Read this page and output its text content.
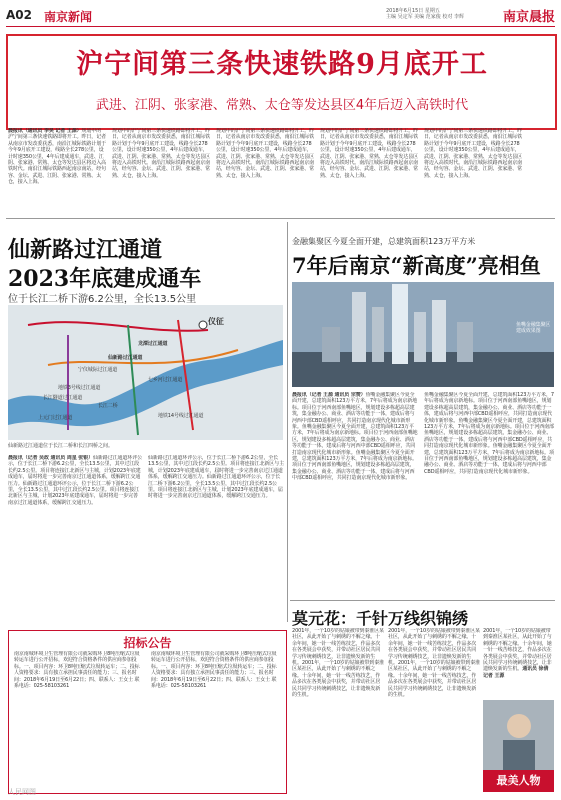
A02 南京新闻	2018年6月15日 星期五
主编 吴定军 美编 范家俊 校对 李辉	南京晨报
沪宁间第三条快速铁路9月底开工
武进、江阴、张家港、常熟、太仓等发达县区4年后迈入高铁时代
晨报讯（通讯员 李昊 记者 王源）规划中的沪宁间第三条快速铁路即将开工。昨日，记者从南京市发改委获悉，南沿江城际铁路计划于今年9月底开工建设，线路全长278公里，设计时速350公里，4年后建成通车，武进、江阴、张家港、常熟、太仓等发达县区将迈入高铁时代。南沿江城际铁路西起南京南站，经句容、金坛、武进、江阴、张家港、常熟、太仓，接入上海。
规划中的沪宁间第三条快速铁路即将开工。昨日，记者从南京市发改委获悉，南沿江城际铁路计划于今年9月底开工建设，线路全长278公里，设计时速350公里，4年后建成通车，武进、江阴、张家港、常熟、太仓等发达县区将迈入高铁时代。南沿江城际铁路西起南京南站，经句容、金坛、武进、江阴、张家港、常熟、太仓，接入上海。
规划中的沪宁间第三条快速铁路即将开工。昨日，记者从南京市发改委获悉，南沿江城际铁路计划于今年9月底开工建设，线路全长278公里，设计时速350公里，4年后建成通车，武进、江阴、张家港、常熟、太仓等发达县区将迈入高铁时代。南沿江城际铁路西起南京南站，经句容、金坛、武进、江阴、张家港、常熟、太仓，接入上海。
规划中的沪宁间第三条快速铁路即将开工。昨日，记者从南京市发改委获悉，南沿江城际铁路计划于今年9月底开工建设，线路全长278公里，设计时速350公里，4年后建成通车，武进、江阴、张家港、常熟、太仓等发达县区将迈入高铁时代。南沿江城际铁路西起南京南站，经句容、金坛、武进、江阴、张家港、常熟、太仓，接入上海。
规划中的沪宁间第三条快速铁路即将开工。昨日，记者从南京市发改委获悉，南沿江城际铁路计划于今年9月底开工建设，线路全长278公里，设计时速350公里，4年后建成通车，武进、江阴、张家港、常熟、太仓等发达县区将迈入高铁时代。南沿江城际铁路西起南京南站，经句容、金坛、武进、江阴、张家港、常熟、太仓，接入上海。
仙新路过江通道
2023年底建成通车
位于长江二桥下游6.2公里，全长13.5公里
仪征
龙潭过江通道
仙新路过江通道
宁仪城际过江通道
七乡河过江通道
地铁3号线过江通道
长江隧道过江通道
长江二桥
地铁14号线过江通道
上元门过江通道
仙新路过江通道位于长江二桥和长江四桥之间。
晨报讯（记者 吴政 通讯员 周星 张银）仙新路过江通道环评公示，位于长江二桥下游6.2公里，全长13.5公里，其中过江段长约2.5公里。项目将连接江北新区与主城，计划2023年底建成通车，届时将进一步完善南京过江通道体系，缓解跨江交通压力。仙新路过江通道环评公示，位于长江二桥下游6.2公里，全长13.5公里，其中过江段长约2.5公里。项目将连接江北新区与主城，计划2023年底建成通车，届时将进一步完善南京过江通道体系，缓解跨江交通压力。
仙新路过江通道环评公示，位于长江二桥下游6.2公里，全长13.5公里，其中过江段长约2.5公里。项目将连接江北新区与主城，计划2023年底建成通车，届时将进一步完善南京过江通道体系，缓解跨江交通压力。仙新路过江通道环评公示，位于长江二桥下游6.2公里，全长13.5公里，其中过江段长约2.5公里。项目将连接江北新区与主城，计划2023年底建成通车，届时将进一步完善南京过江通道体系，缓解跨江交通压力。
金融集聚区今夏全面开建，总建筑面积123万平方米
7年后南京“新高度”亮相鱼
鱼嘴金融集聚区建成效果图
晨报讯（记者 王源 通讯员 宗赞）鱼嘴金融集聚区今夏全面开建，总建筑面积123万平方米，7年后将成为南京新地标。项目位于河西南部鱼嘴地区，规划建设多栋超高层建筑，集金融办公、商业、酒店等功能于一体，建成后将与河西中部CBD遥相呼应，共同打造南京现代化城市新形象。鱼嘴金融集聚区今夏全面开建，总建筑面积123万平方米，7年后将成为南京新地标。项目位于河西南部鱼嘴地区，规划建设多栋超高层建筑，集金融办公、商业、酒店等功能于一体，建成后将与河西中部CBD遥相呼应，共同打造南京现代化城市新形象。鱼嘴金融集聚区今夏全面开建，总建筑面积123万平方米，7年后将成为南京新地标。项目位于河西南部鱼嘴地区，规划建设多栋超高层建筑，集金融办公、商业、酒店等功能于一体，建成后将与河西中部CBD遥相呼应，共同打造南京现代化城市新形象。
鱼嘴金融集聚区今夏全面开建，总建筑面积123万平方米，7年后将成为南京新地标。项目位于河西南部鱼嘴地区，规划建设多栋超高层建筑，集金融办公、商业、酒店等功能于一体，建成后将与河西中部CBD遥相呼应，共同打造南京现代化城市新形象。鱼嘴金融集聚区今夏全面开建，总建筑面积123万平方米，7年后将成为南京新地标。项目位于河西南部鱼嘴地区，规划建设多栋超高层建筑，集金融办公、商业、酒店等功能于一体，建成后将与河西中部CBD遥相呼应，共同打造南京现代化城市新形象。鱼嘴金融集聚区今夏全面开建，总建筑面积123万平方米，7年后将成为南京新地标。项目位于河西南部鱼嘴地区，规划建设多栋超高层建筑，集金融办公、商业、酒店等功能于一体，建成后将与河西中部CBD遥相呼应，共同打造南京现代化城市新形象。
招标公告
南京南城环境卫生管理有限公司就采购环卫8吨压缩式垃圾转运车进行公开招标，欢迎符合资格条件的供应商参加投标。一、项目内容：环卫8吨压缩式垃圾转运车；二、投标人资格要求：具有独立承担民事责任的能力；三、报名时间：2018年6月19日至6月22日；四、联系人：王女士 联系电话：025-58103261
南京南城环境卫生管理有限公司就采购环卫8吨压缩式垃圾转运车进行公开招标，欢迎符合资格条件的供应商参加投标。一、项目内容：环卫8吨压缩式垃圾转运车；二、投标人资格要求：具有独立承担民事责任的能力；三、报名时间：2018年6月19日至6月22日；四、联系人：王女士 联系电话：025-58103261
莫元花：千针万线织锦绣
2001年，一个10岁的姑娘被带到秦淮区某社区，从此开始了与刺绣的不解之缘。十余年间，她一针一线苦练技艺，作品多次在各类展会中获奖，并带动社区居民共同学习传统刺绣技艺，让非遗焕发新的生机。2001年，一个10岁的姑娘被带到秦淮区某社区，从此开始了与刺绣的不解之缘。十余年间，她一针一线苦练技艺，作品多次在各类展会中获奖，并带动社区居民共同学习传统刺绣技艺，让非遗焕发新的生机。
2001年，一个10岁的姑娘被带到秦淮区某社区，从此开始了与刺绣的不解之缘。十余年间，她一针一线苦练技艺，作品多次在各类展会中获奖，并带动社区居民共同学习传统刺绣技艺，让非遗焕发新的生机。2001年，一个10岁的姑娘被带到秦淮区某社区，从此开始了与刺绣的不解之缘。十余年间，她一针一线苦练技艺，作品多次在各类展会中获奖，并带动社区居民共同学习传统刺绣技艺，让非遗焕发新的生机。
2001年，一个10岁的姑娘被带到秦淮区某社区，从此开始了与刺绣的不解之缘。十余年间，她一针一线苦练技艺，作品多次在各类展会中获奖，并带动社区居民共同学习传统刺绣技艺，让非遗焕发新的生机。通讯员 徐倩 记者 王源
最美人物
人民网图
